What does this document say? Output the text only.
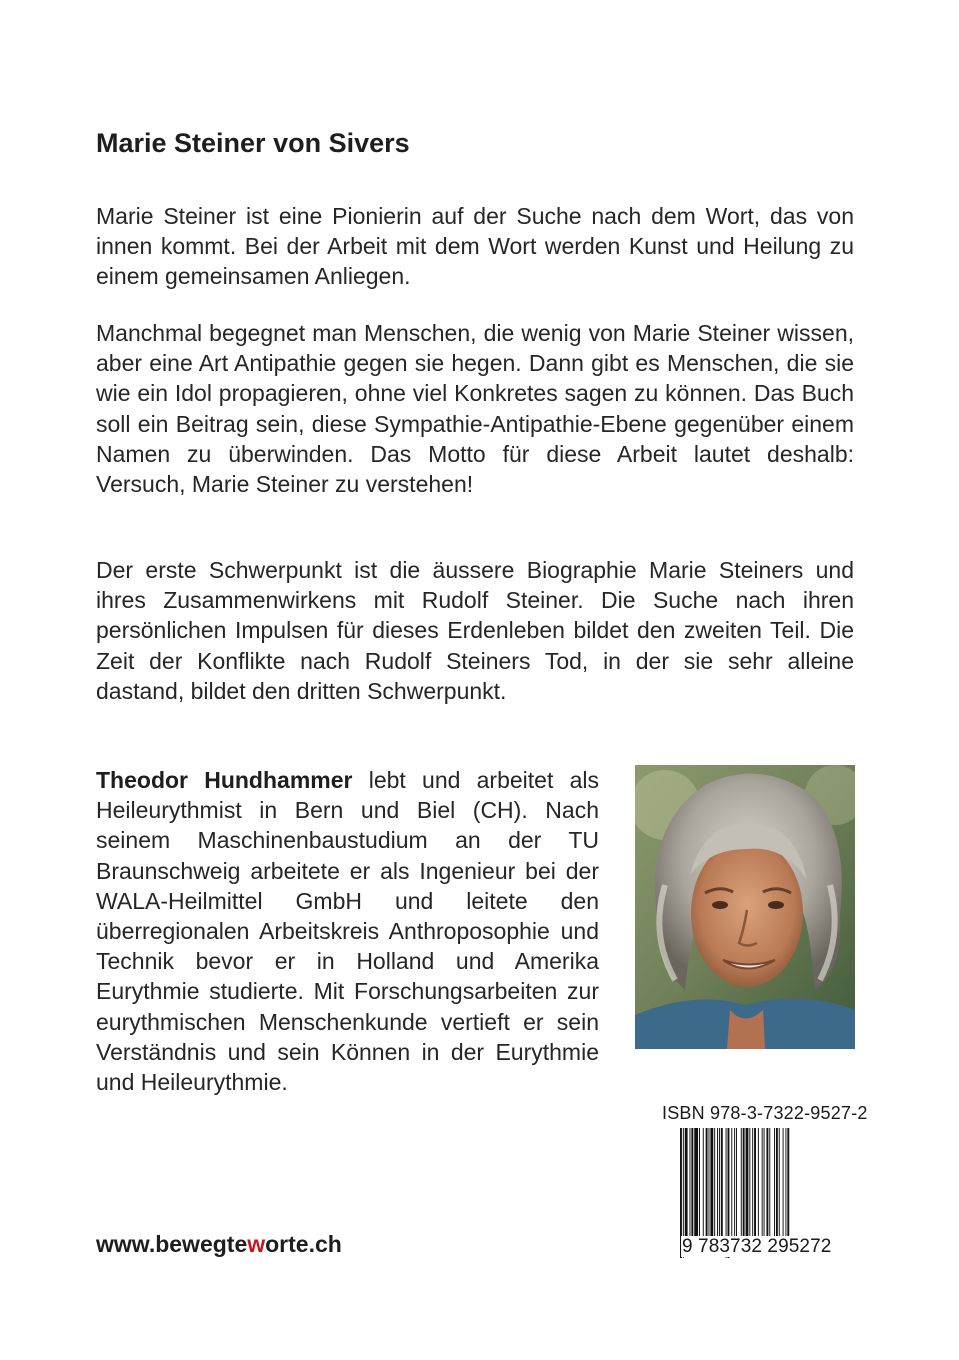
Marie Steiner von Sivers

Marie Steiner ist eine Pionierin auf der Suche nach dem Wort, das von innen kommt. Bei der Arbeit mit dem Wort werden Kunst und Heilung zu einem gemeinsamen Anliegen.

Manchmal begegnet man Menschen, die wenig von Marie Steiner wissen, aber eine Art Antipathie gegen sie hegen. Dann gibt es Menschen, die sie wie ein Idol propagieren, ohne viel Konkretes sagen zu können. Das Buch soll ein Beitrag sein, diese Sympathie-Antipathie-Ebene gegenüber einem Namen zu überwinden. Das Motto für diese Arbeit lautet deshalb: Versuch, Marie Steiner zu verstehen!

Der erste Schwerpunkt ist die äussere Biographie Marie Steiners und ihres Zusammenwirkens mit Rudolf Steiner. Die Suche nach ihren persönlichen Impulsen für dieses Erdenleben bildet den zweiten Teil. Die Zeit der Konflikte nach Rudolf Steiners Tod, in der sie sehr alleine dastand, bildet den dritten Schwerpunkt.

Theodor Hundhammer lebt und arbeitet als Heileurythmist in Bern und Biel (CH). Nach seinem Maschinenbaustudium an der TU Braunschweig arbeitete er als Ingenieur bei der WALA-Heilmittel GmbH und leitete den überregionalen Arbeitskreis Anthroposophie und Technik bevor er in Holland und Amerika Eurythmie studierte. Mit Forschungsarbeiten zur eurythmischen Menschenkunde vertieft er sein Verständnis und sein Können in der Eurythmie und Heileurythmie.

ISBN 978-3-7322-9527-2
9 783732 295272
www.bewegteworte.ch
